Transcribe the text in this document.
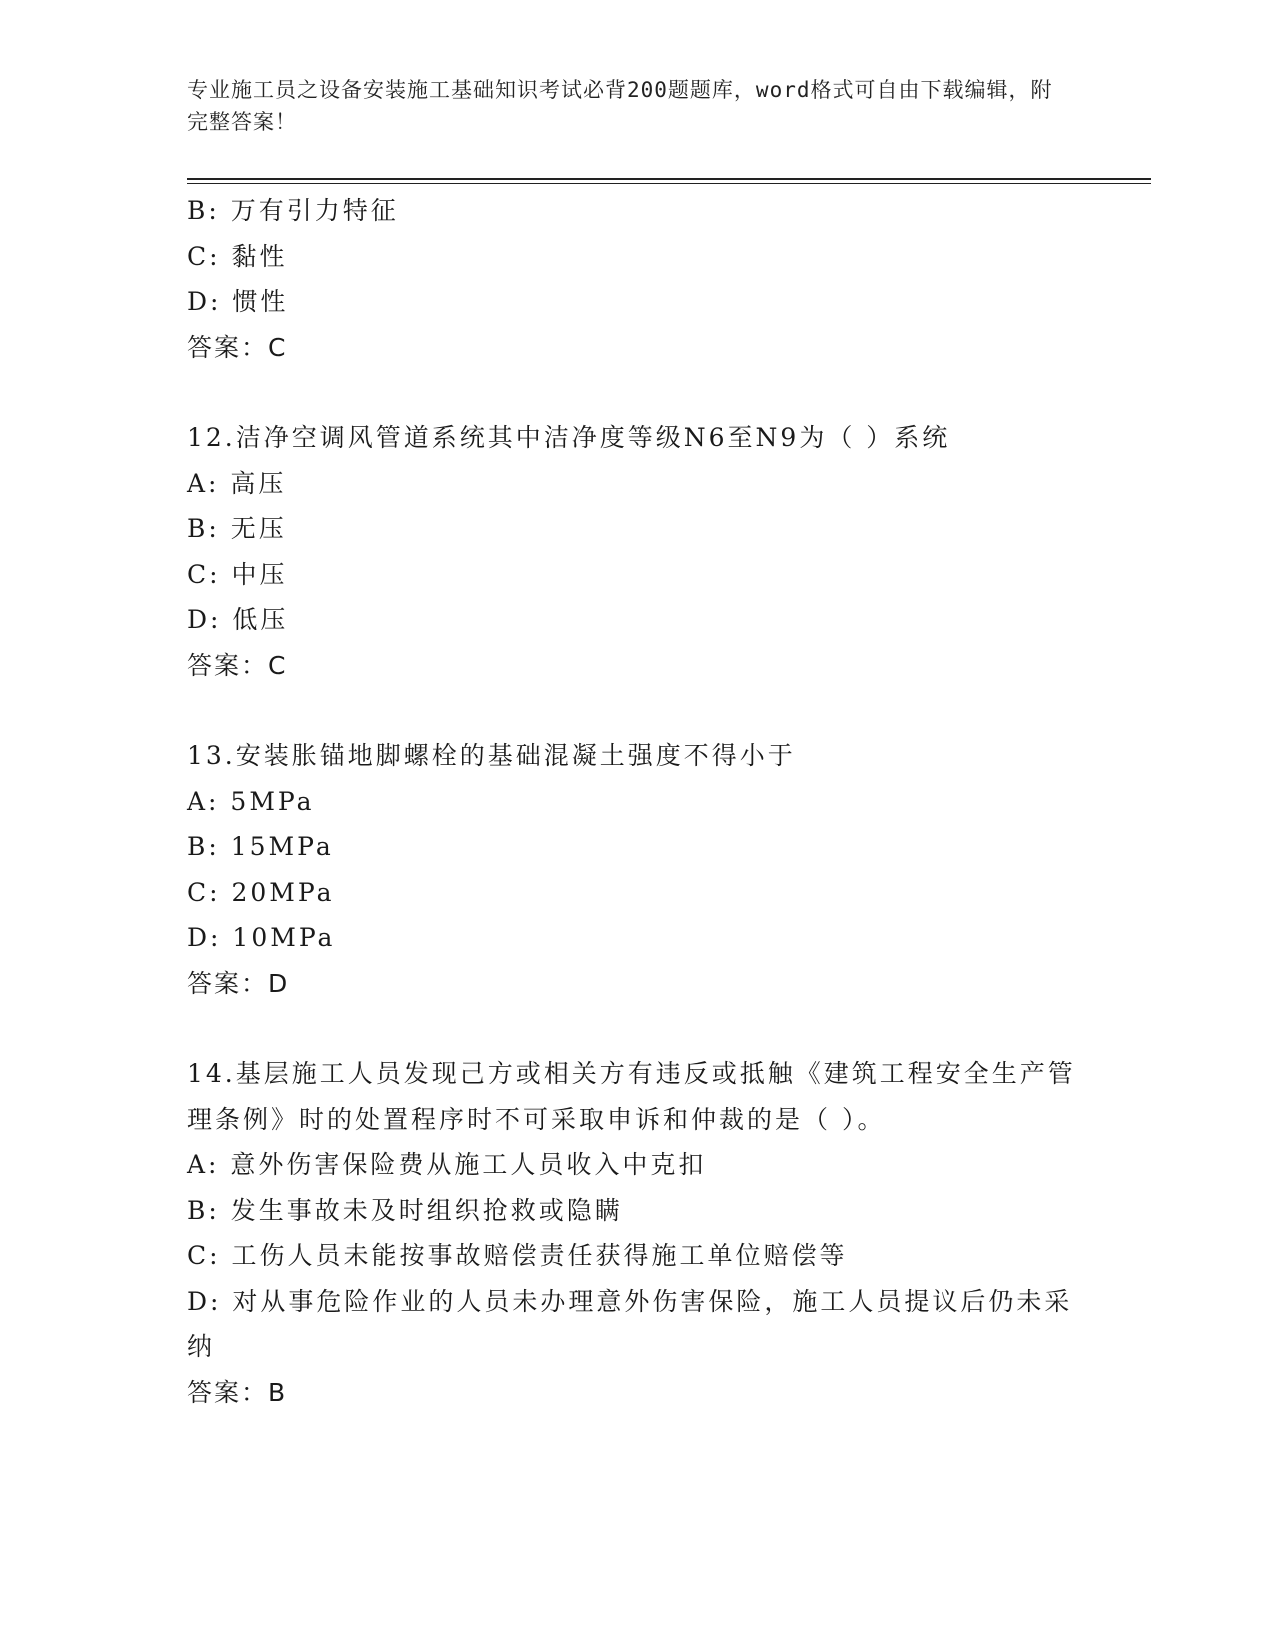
专业施工员之设备安装施工基础知识考试必背200题题库，word格式可自由下载编辑，附完整答案！
B: 万有引力特征
C: 黏性
D: 惯性
答案：C
12.洁净空调风管道系统其中洁净度等级N6至N9为（ ）系统
A: 高压
B: 无压
C: 中压
D: 低压
答案：C
13.安装胀锚地脚螺栓的基础混凝土强度不得小于
A: 5MPa
B: 15MPa
C: 20MPa
D: 10MPa
答案：D
14.基层施工人员发现己方或相关方有违反或抵触《建筑工程安全生产管理条例》时的处置程序时不可采取申诉和仲裁的是（ ）。
A: 意外伤害保险费从施工人员收入中克扣
B: 发生事故未及时组织抢救或隐瞒
C: 工伤人员未能按事故赔偿责任获得施工单位赔偿等
D: 对从事危险作业的人员未办理意外伤害保险，施工人员提议后仍未采纳
答案：B
